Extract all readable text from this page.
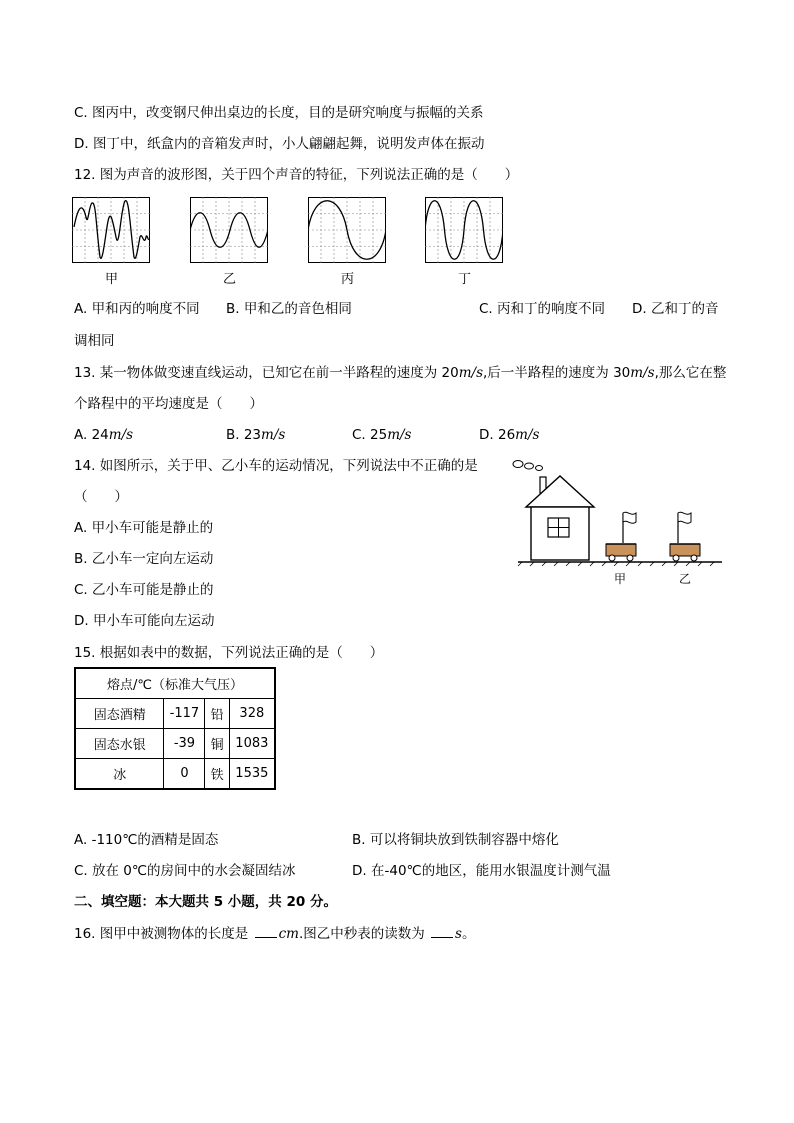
C. 图丙中，改变钢尺伸出桌边的长度，目的是研究响度与振幅的关系
D. 图丁中，纸盒内的音箱发声时，小人翩翩起舞，说明发声体在振动
12. 图为声音的波形图，关于四个声音的特征，下列说法正确的是（　　）
甲	乙	丙	丁
A. 甲和丙的响度不同 B. 甲和乙的音色相同	C. 丙和丁的响度不同 D. 乙和丁的音
调相同
13. 某一物体做变速直线运动，已知它在前一半路程的速度为 20m/s,后一半路程的速度为 30m/s,那么它在整
个路程中的平均速度是（　　）
A. 24m/s	B. 23m/s	C. 25m/s	D. 26m/s
14. 如图所示，关于甲、乙小车的运动情况，下列说法中不正确的是
（　　）
A. 甲小车可能是静止的
B. 乙小车一定向左运动
C. 乙小车可能是静止的
D. 甲小车可能向左运动
甲	乙
15. 根据如表中的数据，下列说法正确的是（　　）
熔点/℃（标准大气压）			
固态酒精	-117	铅	328
固态水银	-39	铜	1083
冰	0	铁	1535
A. -110℃的酒精是固态	B. 可以将铜块放到铁制容器中熔化
C. 放在 0℃的房间中的水会凝固结冰	D. 在-40℃的地区，能用水银温度计测气温
二、填空题：本大题共 5 小题，共 20 分。
16. 图甲中被测物体的长度是 cm.图乙中秒表的读数为 s。
